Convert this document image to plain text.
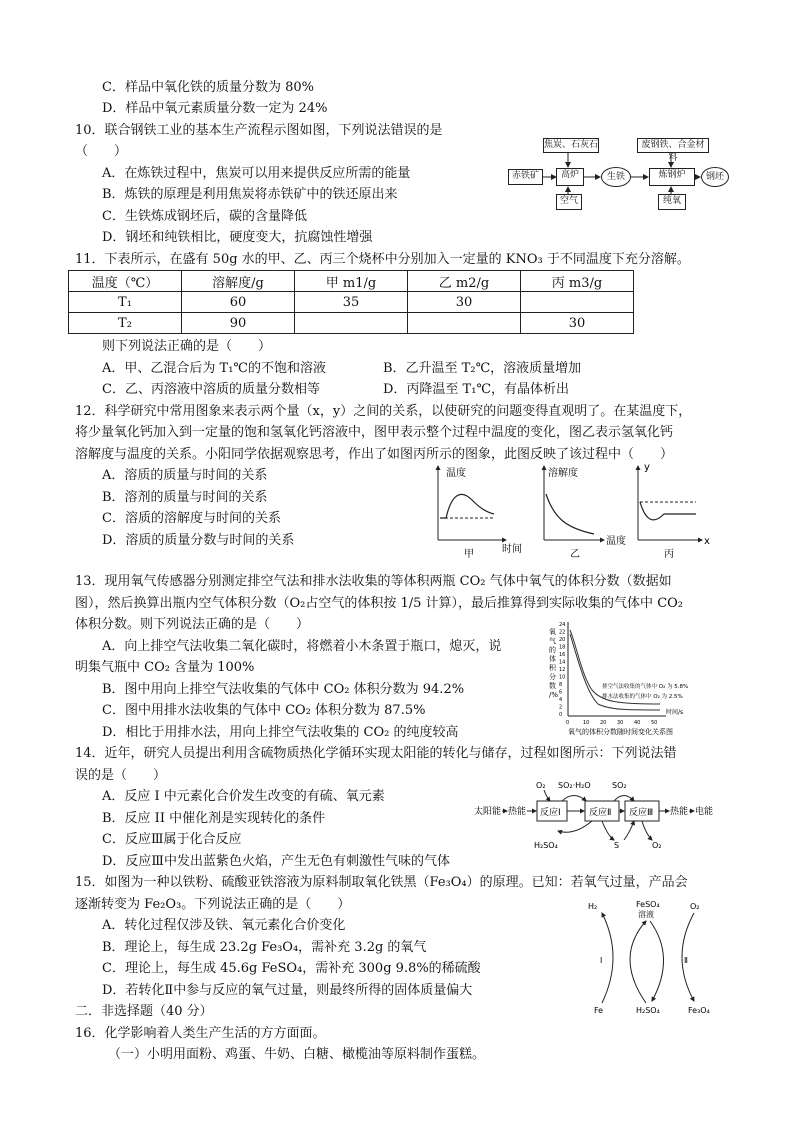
C．样品中氧化铁的质量分数为 80%
D．样品中氧元素质量分数一定为 24%
10．联合钢铁工业的基本生产流程示图如图，下列说法错误的是
（　　）
A．在炼铁过程中，焦炭可以用来提供反应所需的能量
B．炼铁的原理是利用焦炭将赤铁矿中的铁还原出来
C．生铁炼成钢坯后，碳的含量降低
D．钢坯和纯铁相比，硬度变大，抗腐蚀性增强
焦炭、石灰石
赤铁矿	高炉
空气
生铁
废钢铁、合金材料
炼钢炉
纯氧
钢坯
11．下表所示，在盛有 50g 水的甲、乙、丙三个烧杯中分别加入一定量的 KNO₃ 于不同温度下充分溶解。
温度（℃）	溶解度/g	甲 m1/g	乙 m2/g	丙 m3/g
T₁	60	35	30	
T₂	90			30
则下列说法正确的是（　　）
A．甲、乙混合后为 T₁℃的不饱和溶液	B．乙升温至 T₂℃，溶液质量增加
C．乙、丙溶液中溶质的质量分数相等	D．丙降温至 T₁℃，有晶体析出
12．科学研究中常用图象来表示两个量（x，y）之间的关系，以使研究的问题变得直观明了。在某温度下，
将少量氧化钙加入到一定量的饱和氢氧化钙溶液中，图甲表示整个过程中温度的变化，图乙表示氢氧化钙
溶解度与温度的关系。小阳同学依据观察思考，作出了如图丙所示的图象，此图反映了该过程中（　　）
A．溶质的质量与时间的关系
B．溶剂的质量与时间的关系
C．溶质的溶解度与时间的关系
D．溶质的质量分数与时间的关系
温度
时间
甲
溶解度
温度
乙
y
x
丙
13．现用氧气传感器分别测定排空气法和排水法收集的等体积两瓶 CO₂ 气体中氧气的体积分数（数据如
图），然后换算出瓶内空气体积分数（O₂占空气的体积按 1/5 计算），最后推算得到实际收集的气体中 CO₂
体积分数。则下列说法正确的是（　　）
A．向上排空气法收集二氧化碳时，将燃着小木条置于瓶口，熄灭，说
明集气瓶中 CO₂ 含量为 100%
B．图中用向上排空气法收集的气体中 CO₂ 体积分数为 94.2%
C．图中用排水法收集的气体中 CO₂ 体积分数为 87.5%
D．相比于用排水法，用向上排空气法收集的 CO₂ 的纯度较高
氧气的体积分数/%
24
22
20
18
16
14
12
10
8
6
4
2
0
0	10 20 30 40 50
排空气法收集的气体中 O₂ 为 5.8%
排水法收集的气体中 O₂ 为 2.5%
时间/s
氧气的体积分数随时间变化关系图
14．近年，研究人员提出利用含硫物质热化学循环实现太阳能的转化与储存，过程如图所示：下列说法错
误的是（　　）
A．反应 I 中元素化合价发生改变的有硫、氧元素
B．反应 II 中催化剂是实现转化的条件
C．反应Ⅲ属于化合反应
D．反应Ⅲ中发出蓝紫色火焰，产生无色有刺激性气味的气体
太阳能 热能 反应Ⅰ	反应Ⅱ 反应Ⅲ 热能 电能
O₂ SO₂·H₂O	SO₂
H₂SO₄	S	O₂
15．如图为一种以铁粉、硫酸亚铁溶液为原料制取氧化铁黑（Fe₃O₄）的原理。已知：若氧气过量，产品会
逐渐转变为 Fe₂O₃。下列说法正确的是（　　）
A．转化过程仅涉及铁、氧元素化合价变化
B．理论上，每生成 23.2g Fe₃O₄，需补充 3.2g 的氧气
C．理论上，每生成 45.6g FeSO₄，需补充 300g 9.8%的稀硫酸
D．若转化Ⅱ中参与反应的氧气过量，则最终所得的固体质量偏大
H₂	FeSO₄
溶液
O₂
Ⅰ	Ⅱ
Fe	H₂SO₄	Fe₃O₄
二．非选择题（40 分）
16．化学影响着人类生产生活的方方面面。
（一）小明用面粉、鸡蛋、牛奶、白糖、橄榄油等原料制作蛋糕。
